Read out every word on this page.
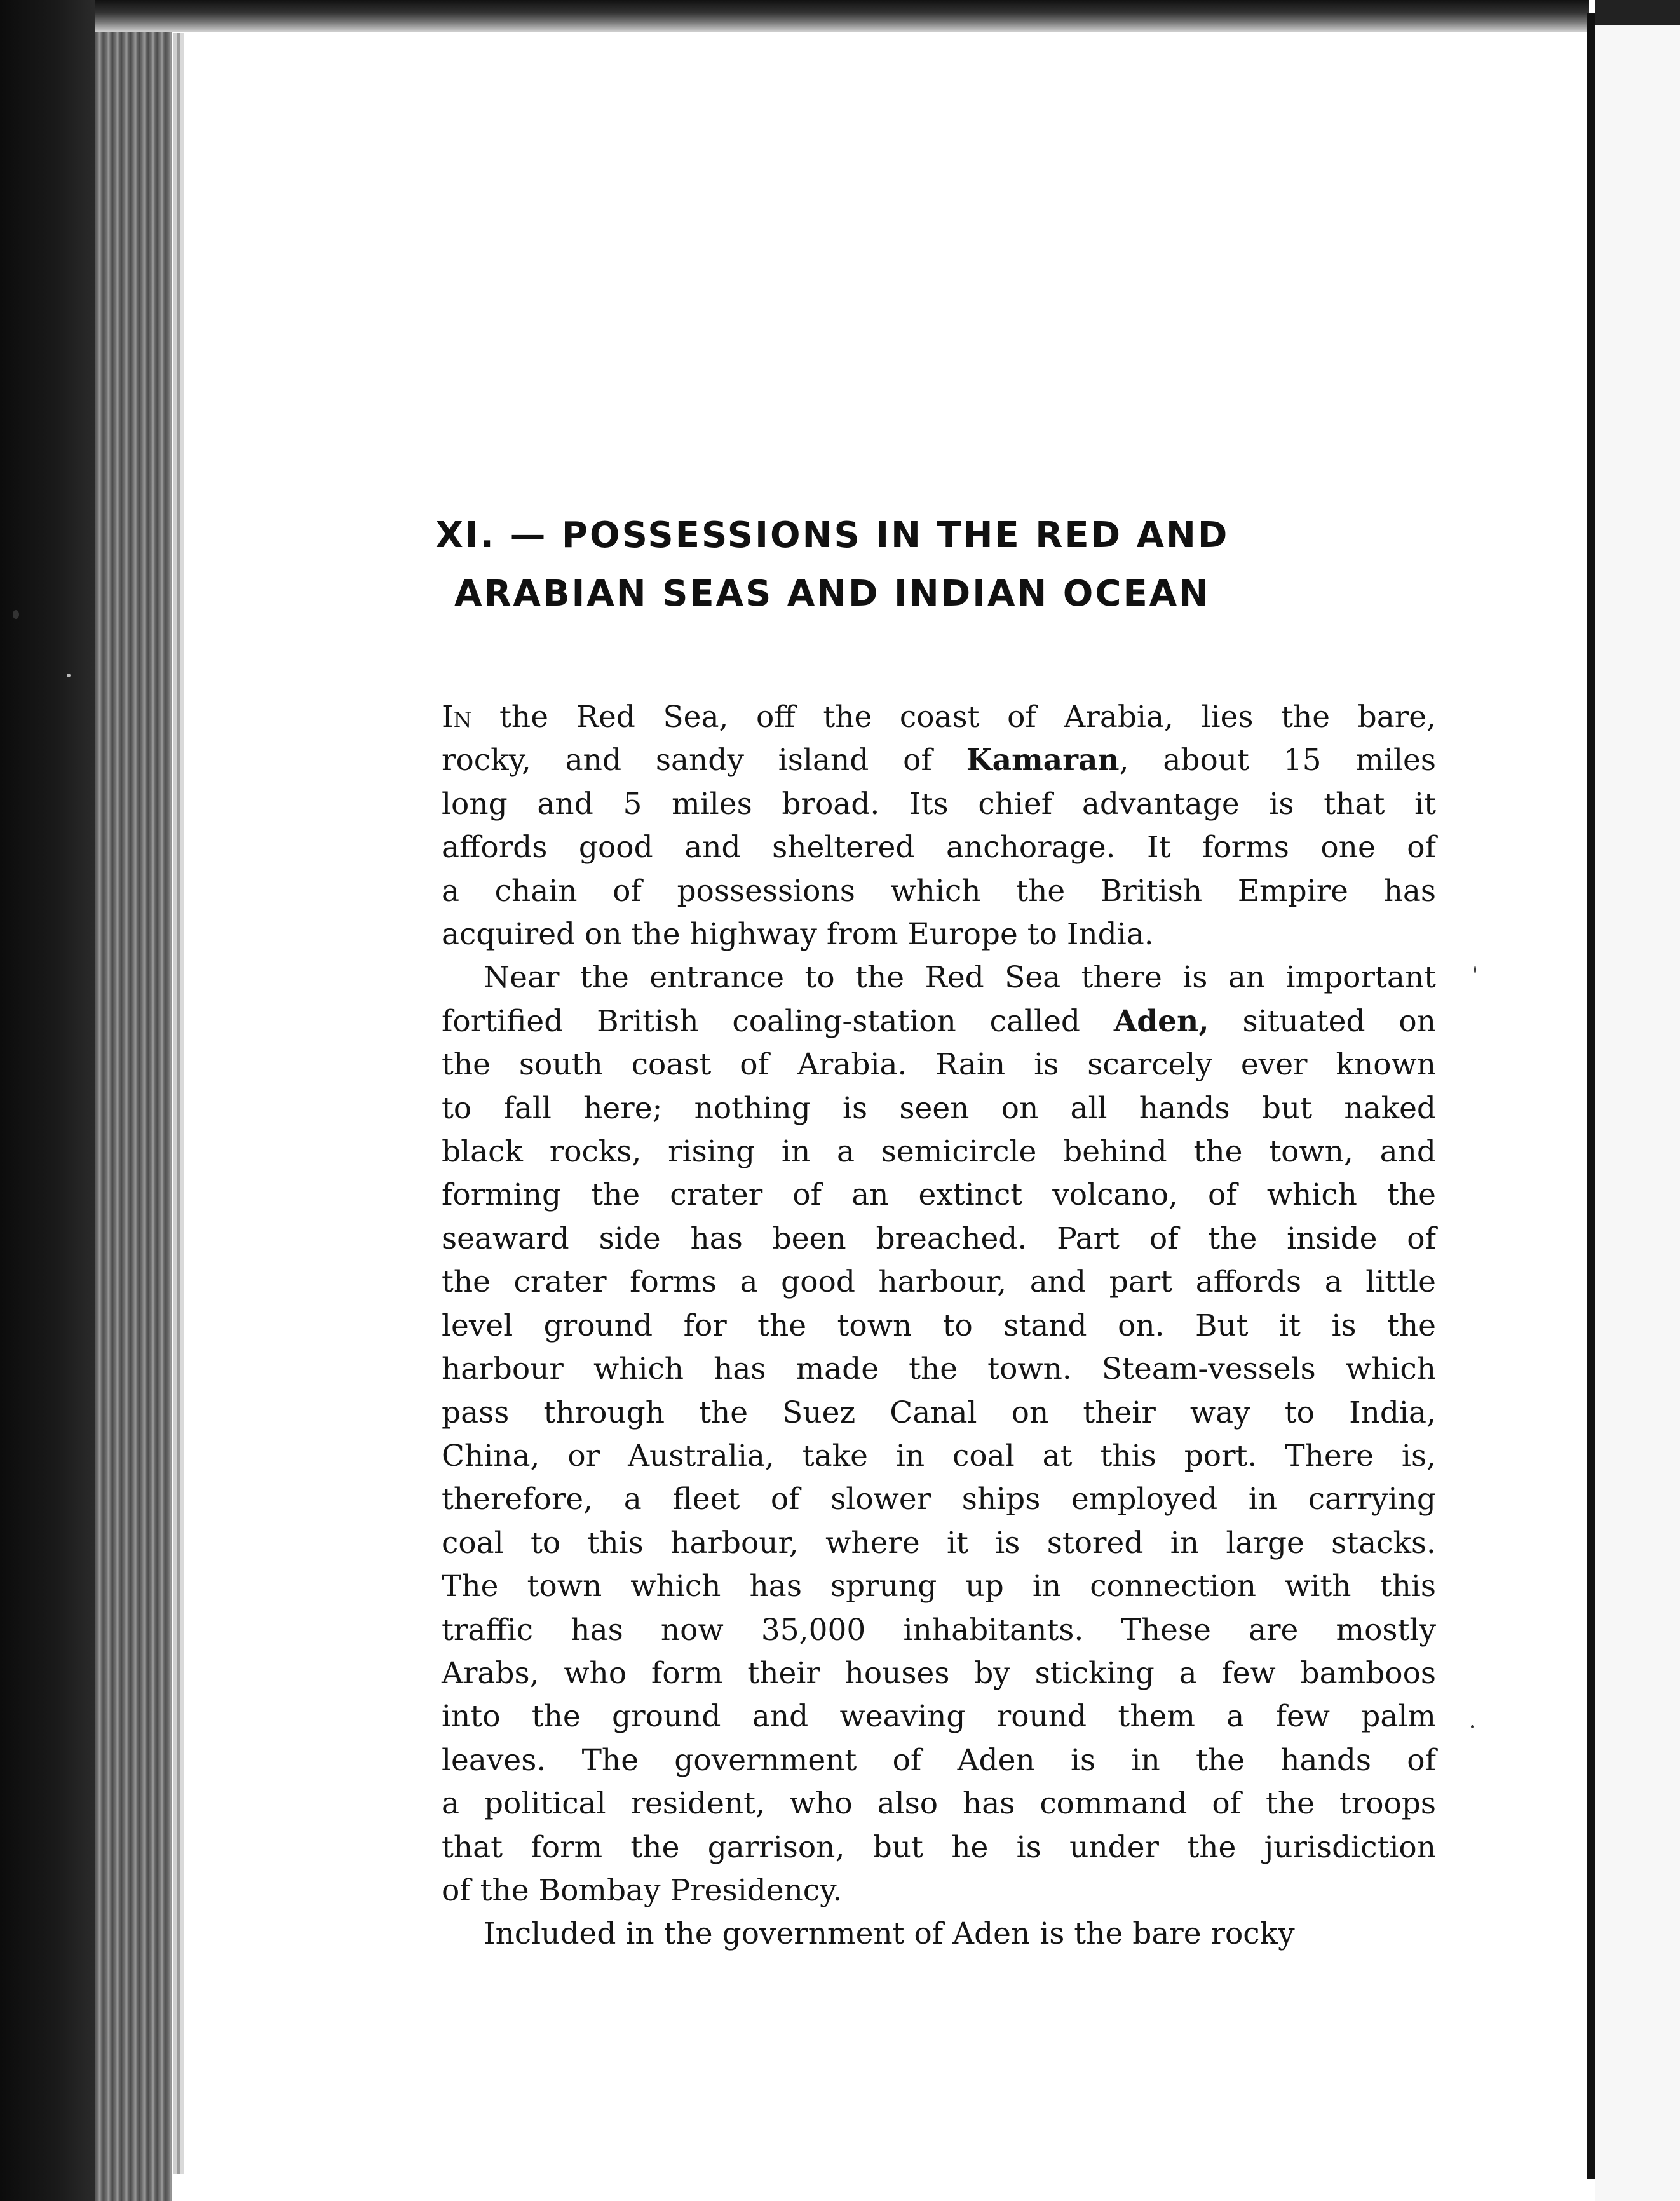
XI. — POSSESSIONS IN THE RED AND
ARABIAN SEAS AND INDIAN OCEAN
In the Red Sea, off the coast of Arabia, lies the bare,
rocky, and sandy island of Kamaran, about 15 miles
long and 5 miles broad. Its chief advantage is that it
affords good and sheltered anchorage. It forms one of
a chain of possessions which the British Empire has
acquired on the highway from Europe to India.
Near the entrance to the Red Sea there is an important
fortified British coaling-station called Aden, situated on
the south coast of Arabia. Rain is scarcely ever known
to fall here; nothing is seen on all hands but naked
black rocks, rising in a semicircle behind the town, and
forming the crater of an extinct volcano, of which the
seaward side has been breached. Part of the inside of
the crater forms a good harbour, and part affords a little
level ground for the town to stand on. But it is the
harbour which has made the town. Steam-vessels which
pass through the Suez Canal on their way to India,
China, or Australia, take in coal at this port. There is,
therefore, a fleet of slower ships employed in carrying
coal to this harbour, where it is stored in large stacks.
The town which has sprung up in connection with this
traffic has now 35,000 inhabitants. These are mostly
Arabs, who form their houses by sticking a few bamboos
into the ground and weaving round them a few palm
leaves. The government of Aden is in the hands of
a political resident, who also has command of the troops
that form the garrison, but he is under the jurisdiction
of the Bombay Presidency.
Included in the government of Aden is the bare rocky
